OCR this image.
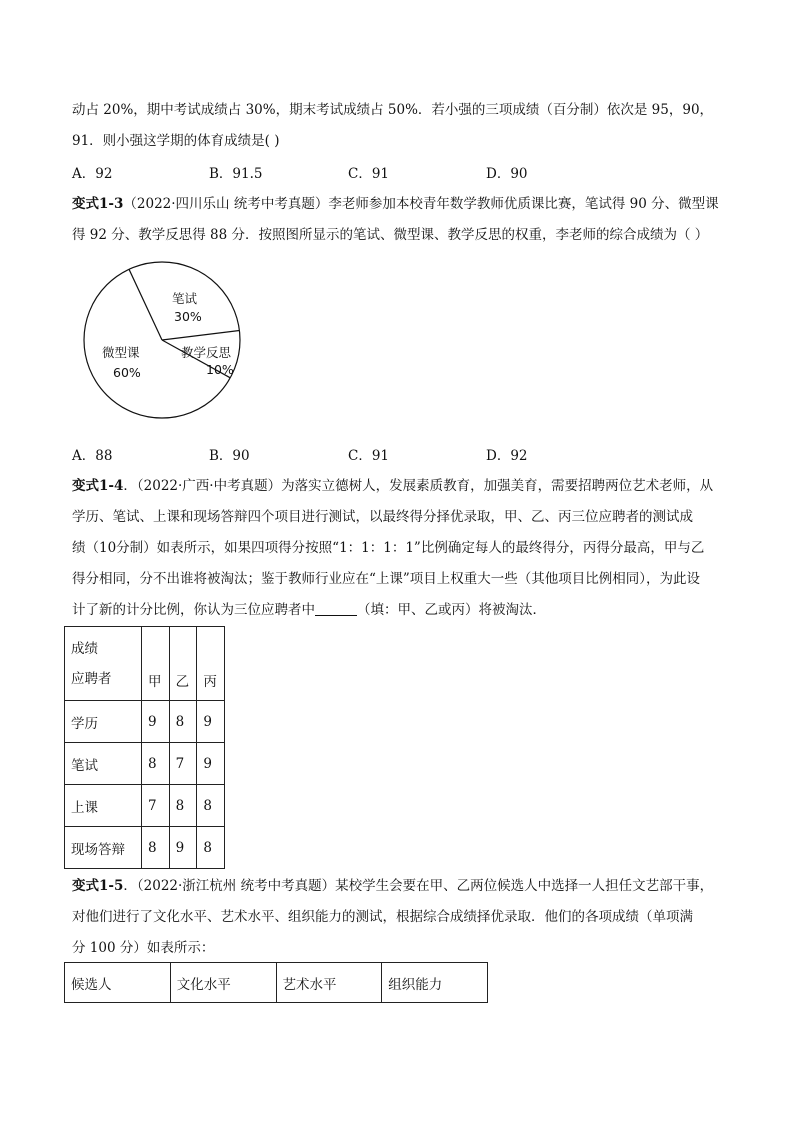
动占 20%，期中考试成绩占 30%，期末考试成绩占 50%．若小强的三项成绩（百分制）依次是 95，90，
91．则小强这学期的体育成绩是( )
A．92	B．91.5	C．91	D．90
变式1-3（2022·四川乐山 统考中考真题）李老师参加本校青年数学教师优质课比赛，笔试得 90 分、微型课
得 92 分、教学反思得 88 分．按照图所显示的笔试、微型课、教学反思的权重，李老师的综合成绩为（ ）
笔试
30%
教学反思
10%
微型课
60%
A．88	B．90	C．91	D．92
变式1-4．（2022·广西·中考真题）为落实立德树人，发展素质教育，加强美育，需要招聘两位艺术老师，从
学历、笔试、上课和现场答辩四个项目进行测试，以最终得分择优录取，甲、乙、丙三位应聘者的测试成
绩（10分制）如表所示，如果四项得分按照“1：1：1：1”比例确定每人的最终得分，丙得分最高，甲与乙
得分相同，分不出谁将被淘汰；鉴于教师行业应在“上课”项目上权重大一些（其他项目比例相同），为此设
计了新的计分比例，你认为三位应聘者中	（填：甲、乙或丙）将被淘汰．
成绩
应聘者	甲	乙	丙
学历	9	8	9
笔试	8	7	9
上课	7	8	8
现场答辩	8	9	8
变式1-5．（2022·浙江杭州 统考中考真题）某校学生会要在甲、乙两位候选人中选择一人担任文艺部干事，
对他们进行了文化水平、艺术水平、组织能力的测试，根据综合成绩择优录取．他们的各项成绩（单项满
分 100 分）如表所示：
候选人	文化水平	艺术水平	组织能力
